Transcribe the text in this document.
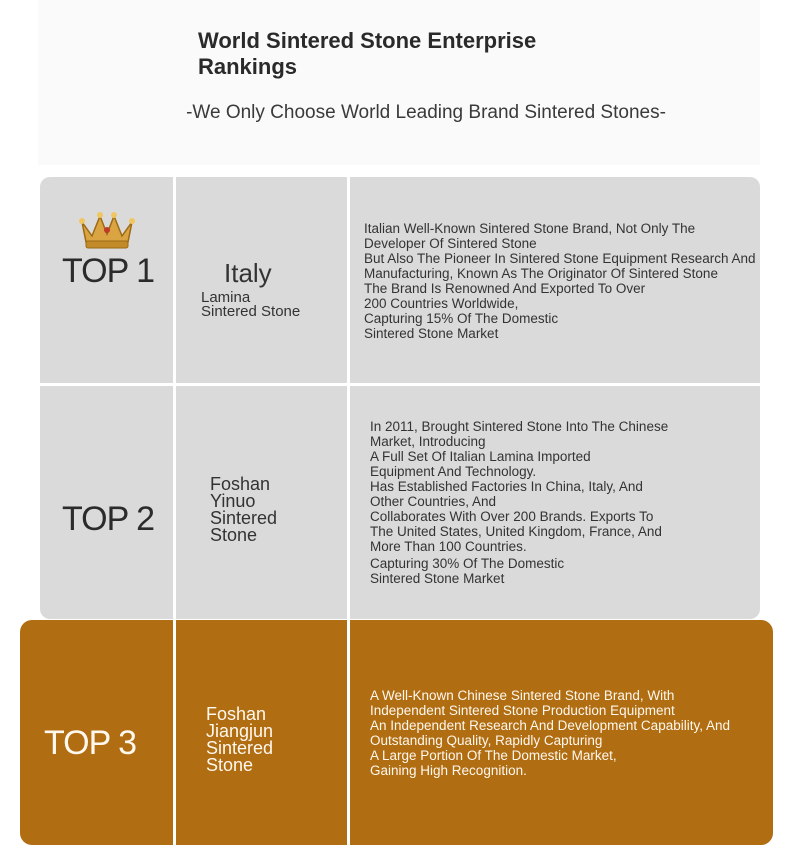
World Sintered Stone Enterprise
Rankings
-We Only Choose World Leading Brand Sintered Stones-
TOP 1	Italy
Lamina
Sintered Stone

Italian Well-Known Sintered Stone Brand, Not Only The
Developer Of Sintered Stone

But Also The Pioneer In Sintered Stone Equipment Research And
Manufacturing, Known As The Originator Of Sintered Stone

The Brand Is Renowned And Exported To Over
200 Countries Worldwide,

Capturing 15% Of The Domestic
Sintered Stone Market

TOP 2
Foshan
Yinuo
Sintered
Stone

In 2011, Brought Sintered Stone Into The Chinese
Market, Introducing

A Full Set Of Italian Lamina Imported
Equipment And Technology.

Has Established Factories In China, Italy, And
Other Countries, And

Collaborates With Over 200 Brands. Exports To
The United States, United Kingdom, France, And
More Than 100 Countries.

Capturing 30% Of The Domestic
Sintered Stone Market

TOP 3
Foshan
Jiangjun
Sintered
Stone

A Well-Known Chinese Sintered Stone Brand, With
Independent Sintered Stone Production Equipment

An Independent Research And Development Capability, And
Outstanding Quality, Rapidly Capturing

A Large Portion Of The Domestic Market,
Gaining High Recognition.
